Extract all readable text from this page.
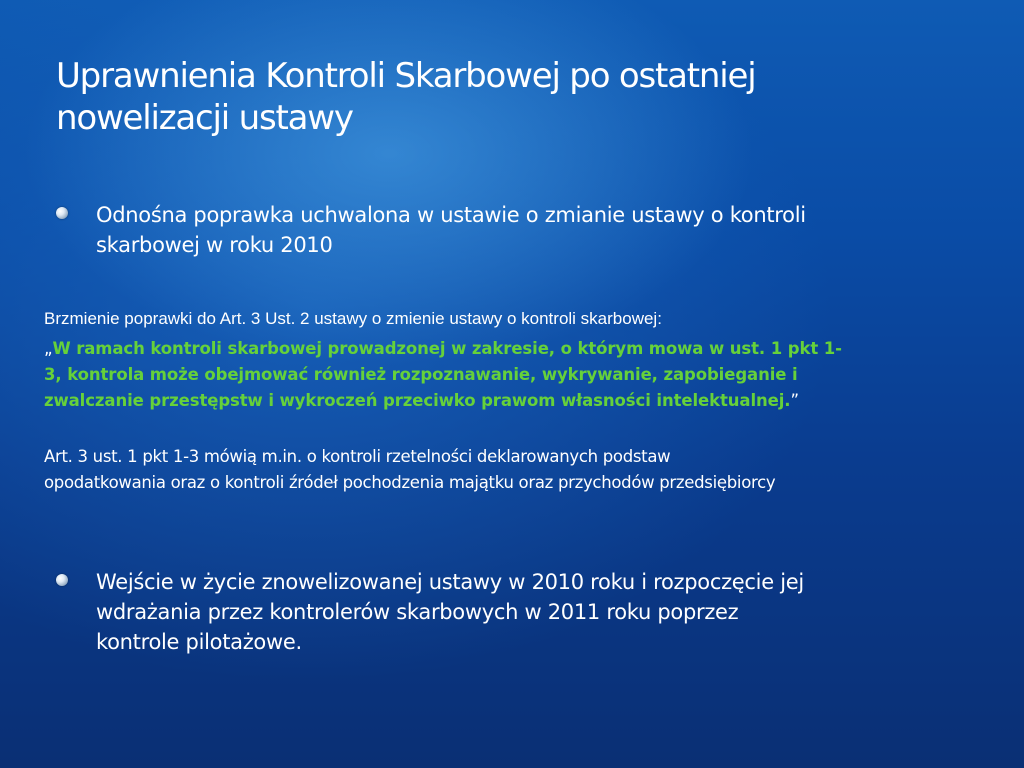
Uprawnienia Kontroli Skarbowej po ostatniej
nowelizacji ustawy
Odnośna poprawka uchwalona w ustawie o zmianie ustawy o kontroli
skarbowej w roku 2010

Brzmienie poprawki do Art. 3 Ust. 2 ustawy o zmienie ustawy o kontroli skarbowej:

„W ramach kontroli skarbowej prowadzonej w zakresie, o którym mowa w ust. 1 pkt 1-
3, kontrola może obejmować również rozpoznawanie, wykrywanie, zapobieganie i
zwalczanie przestępstw i wykroczeń przeciwko prawom własności intelektualnej.”

Art. 3 ust. 1 pkt 1-3 mówią m.in. o kontroli rzetelności deklarowanych podstaw
opodatkowania oraz o kontroli źródeł pochodzenia majątku oraz przychodów przedsiębiorcy

Wejście w życie znowelizowanej ustawy w 2010 roku i rozpoczęcie jej
wdrażania przez kontrolerów skarbowych w 2011 roku poprzez
kontrole pilotażowe.
